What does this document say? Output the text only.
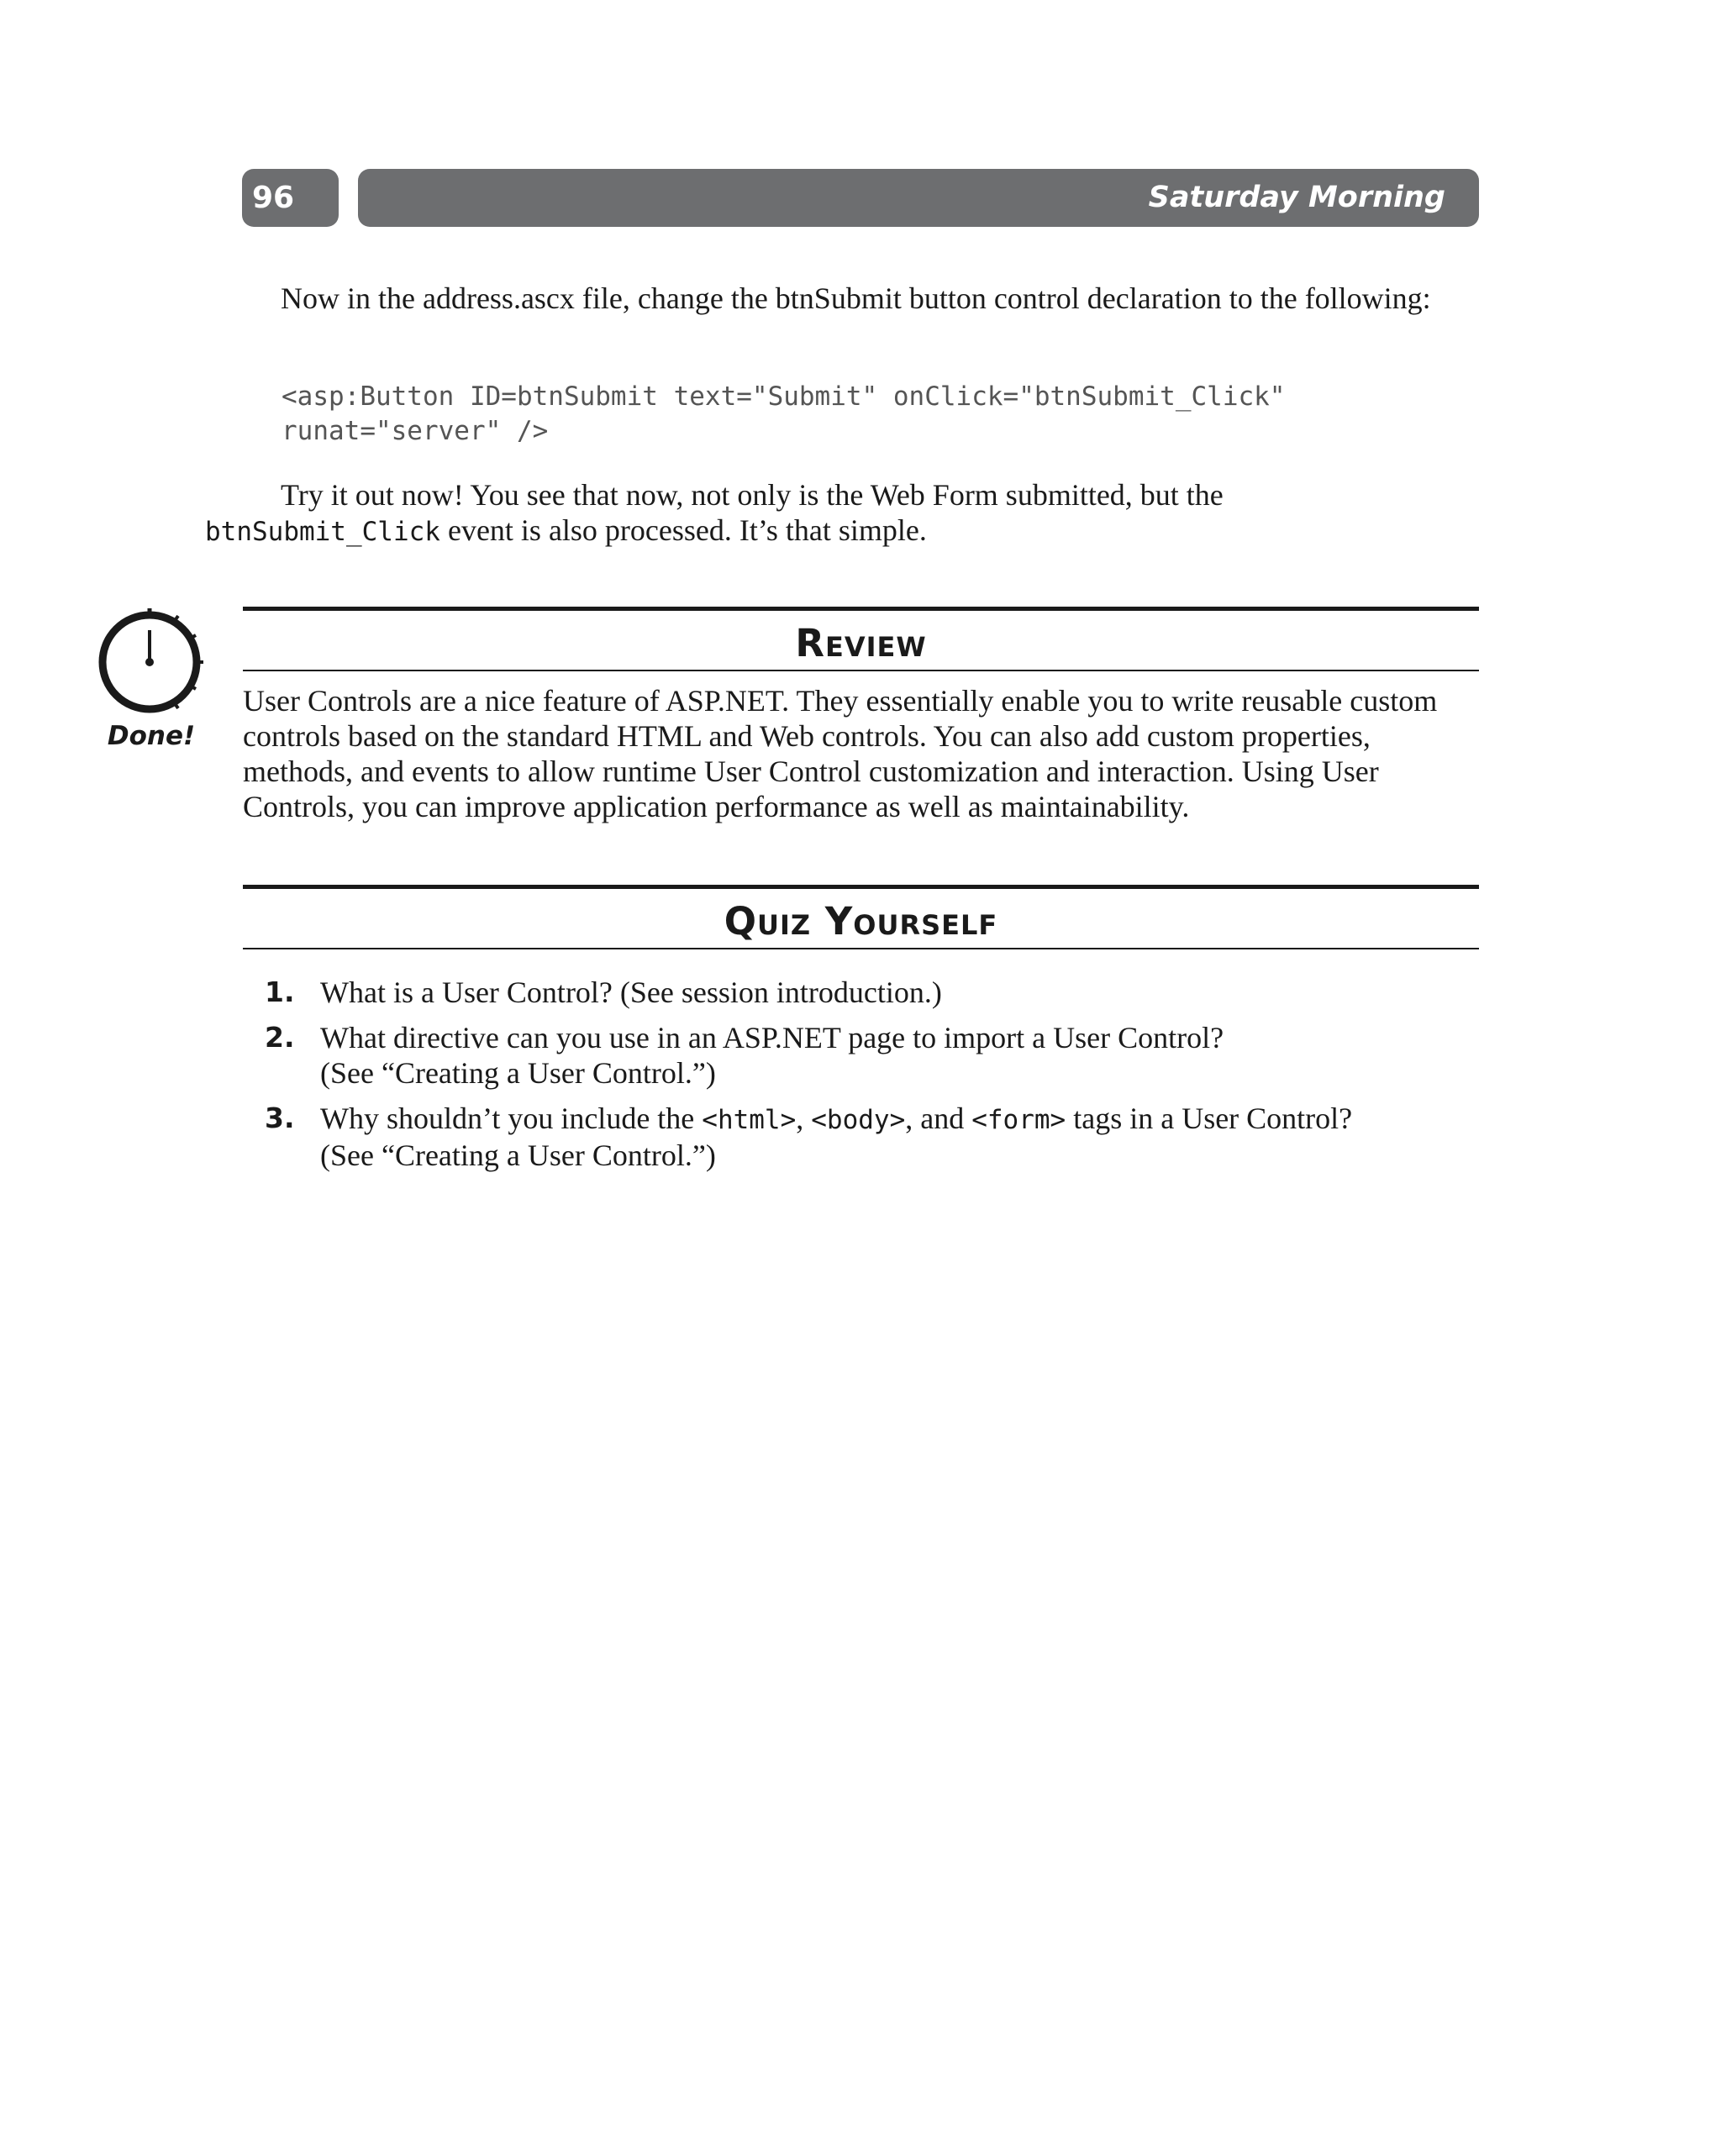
96	Saturday Morning

Now in the address.ascx file, change the btnSubmit button control declaration to the following:

<asp:Button ID=btnSubmit text="Submit" onClick="btnSubmit_Click"
runat="server" />

Try it out now! You see that now, not only is the Web Form submitted, but the
btnSubmit_Click event is also processed. It’s that simple.

Done!
Review

User Controls are a nice feature of ASP.NET. They essentially enable you to write reusable custom controls based on the standard HTML and Web controls. You can also add custom properties, methods, and events to allow runtime User Control customization and interaction. Using User Controls, you can improve application performance as well as maintainability.

Quiz Yourself
1. What is a User Control? (See session introduction.)
2. What directive can you use in an ASP.NET page to import a User Control?
(See “Creating a User Control.”)
3. Why shouldn’t you include the <html>, <body>, and <form> tags in a User Control?
(See “Creating a User Control.”)
